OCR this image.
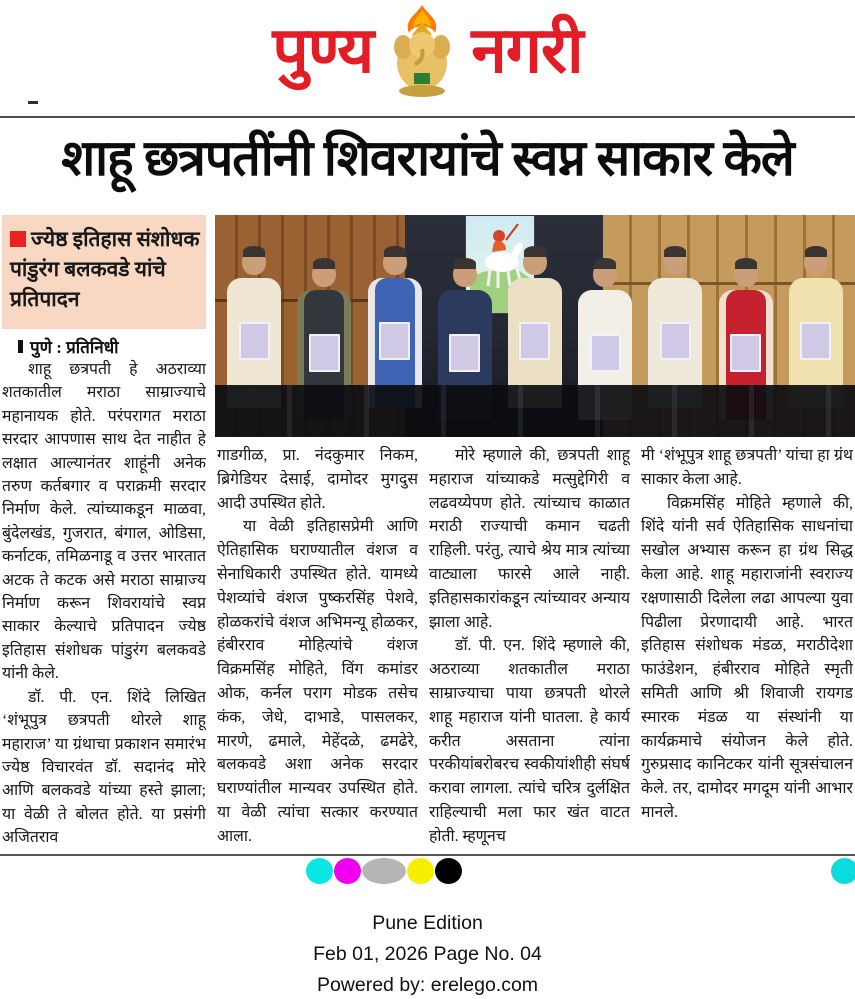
पुण्य नगरी
शाहू छत्रपतींनी शिवरायांचे स्वप्न साकार केले
ज्येष्ठ इतिहास संशोधक पांडुरंग बलकवडे यांचे प्रतिपादन
पुणे : प्रतिनिधी

शाहू छत्रपती हे अठराव्या शतकातील मराठा साम्राज्याचे महानायक होते. परंपरागत मराठा सरदार आपणास साथ देत नाहीत हे लक्षात आल्यानंतर शाहूंनी अनेक तरुण कर्तबगार व पराक्रमी सरदार निर्माण केले. त्यांच्याकडून माळवा, बुंदेलखंड, गुजरात, बंगाल, ओडिसा, कर्नाटक, तमिळनाडू व उत्तर भारतात अटक ते कटक असे मराठा साम्राज्य निर्माण करून शिवरायांचे स्वप्न साकार केल्याचे प्रतिपादन ज्येष्ठ इतिहास संशोधक पांडुरंग बलकवडे यांनी केले.

डॉ. पी. एन. शिंदे लिखित ‘शंभूपुत्र छत्रपती थोरले शाहू महाराज’ या ग्रंथाचा प्रकाशन समारंभ ज्येष्ठ विचारवंत डॉ. सदानंद मोरे आणि बलकवडे यांच्या हस्ते झाला; या वेळी ते बोलत होते. या प्रसंगी अजितराव

गाडगीळ, प्रा. नंदकुमार निकम, ब्रिगेडियर देसाई, दामोदर मुगदुस आदी उपस्थित होते.

या वेळी इतिहासप्रेमी आणि ऐतिहासिक घराण्यातील वंशज व सेनाधिकारी उपस्थित होते. यामध्ये पेशव्यांचे वंशज पुष्करसिंह पेशवे, होळकरांचे वंशज अभिमन्यू होळकर, हंबीरराव मोहित्यांचे वंशज विक्रमसिंह मोहिते, विंग कमांडर ओक, कर्नल पराग मोडक तसेच कंक, जेधे, दाभाडे, पासलकर, मारणे, ढमाले, मेहेंदळे, ढमढेरे, बलकवडे अशा अनेक सरदार घराण्यांतील मान्यवर उपस्थित होते. या वेळी त्यांचा सत्कार करण्यात आला.

मोरे म्हणाले की, छत्रपती शाहू महाराज यांच्याकडे मत्सुद्देगिरी व लढवय्येपण होते. त्यांच्याच काळात मराठी राज्याची कमान चढती राहिली. परंतु, त्याचे श्रेय मात्र त्यांच्या वाट्याला फारसे आले नाही. इतिहासकारांकडून त्यांच्यावर अन्याय झाला आहे.

डॉ. पी. एन. शिंदे म्हणाले की, अठराव्या शतकातील मराठा साम्राज्याचा पाया छत्रपती थोरले शाहू महाराज यांनी घातला. हे कार्य करीत असताना त्यांना परकीयांबरोबरच स्वकीयांशीही संघर्ष करावा लागला. त्यांचे चरित्र दुर्लक्षित राहिल्याची मला फार खंत वाटत होती. म्हणूनच

मी ‘शंभूपुत्र शाहू छत्रपती’ यांचा हा ग्रंथ साकार केला आहे.

विक्रमसिंह मोहिते म्हणाले की, शिंदे यांनी सर्व ऐतिहासिक साधनांचा सखोल अभ्यास करून हा ग्रंथ सिद्ध केला आहे. शाहू महाराजांनी स्वराज्य रक्षणासाठी दिलेला लढा आपल्या युवा पिढीला प्रेरणादायी आहे. भारत इतिहास संशोधक मंडळ, मराठीदेशा फाउंडेशन, हंबीरराव मोहिते स्मृती समिती आणि श्री शिवाजी रायगड स्मारक मंडळ या संस्थांनी या कार्यक्रमाचे संयोजन केले होते. गुरुप्रसाद कानिटकर यांनी सूत्रसंचालन केले. तर, दामोदर मगदूम यांनी आभार मानले.

Pune Edition
Feb 01, 2026 Page No. 04
Powered by: erelego.com
